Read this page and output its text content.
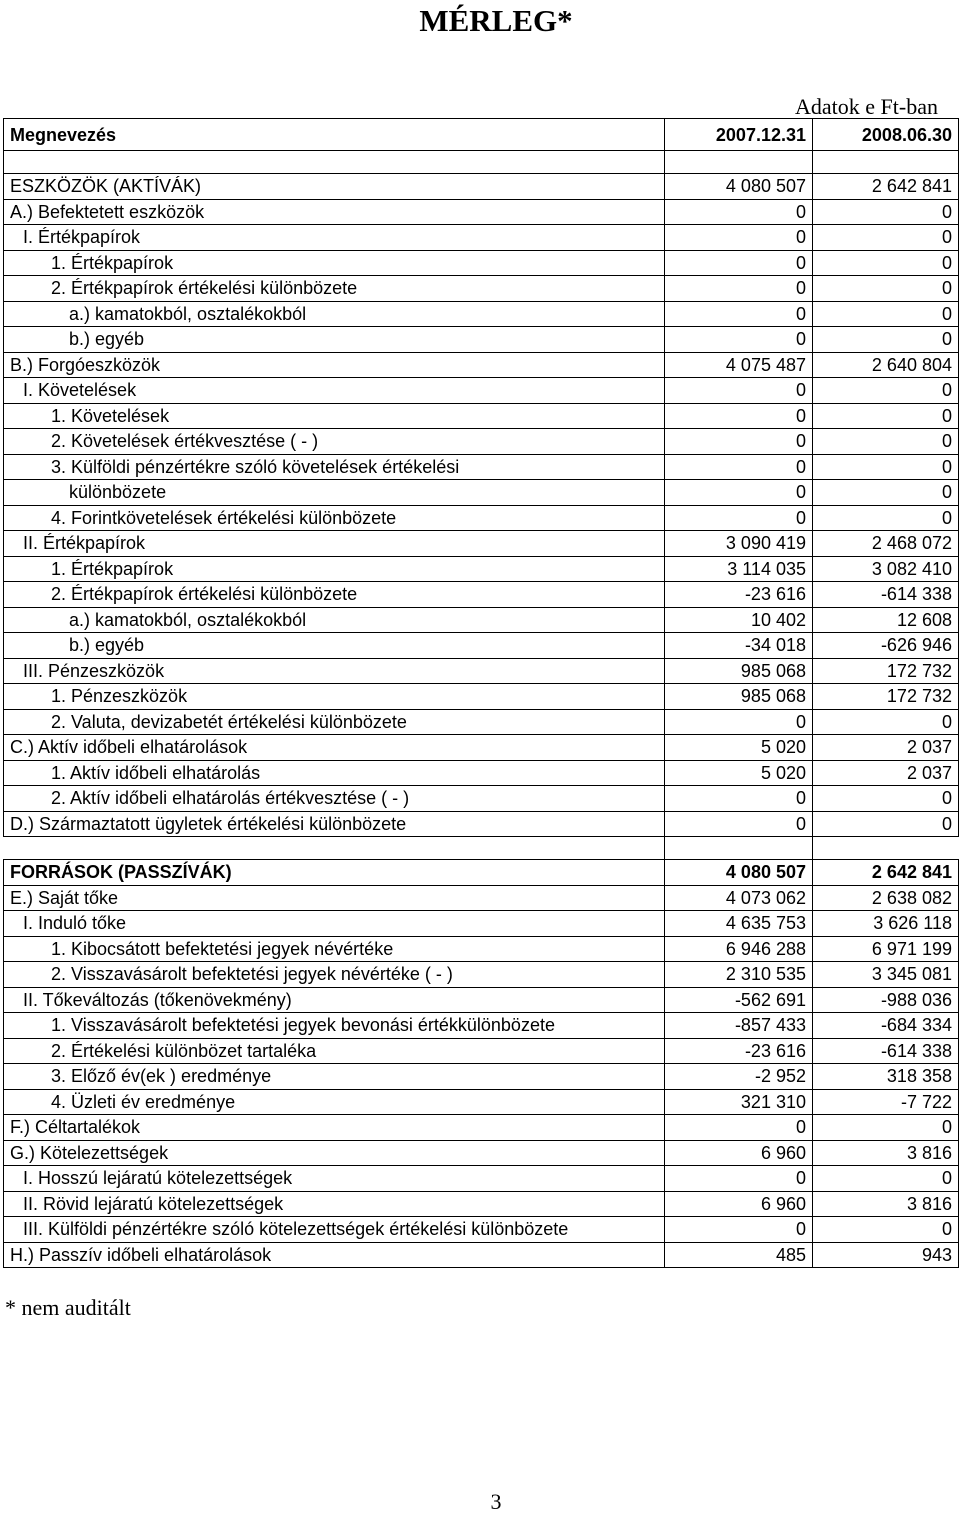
MÉRLEG*
Adatok e Ft-ban
Megnevezés	2007.12.31	2008.06.30

ESZKÖZÖK (AKTÍVÁK)	4 080 507	2 642 841
A.) Befektetett eszközök	0	0
I. Értékpapírok	0	0
1. Értékpapírok	0	0
2. Értékpapírok értékelési különbözete	0	0
a.) kamatokból, osztalékokból	0	0
b.) egyéb	0	0
B.) Forgóeszközök	4 075 487	2 640 804
I. Követelések	0	0
1. Követelések	0	0
2. Követelések értékvesztése ( - )	0	0
3. Külföldi pénzértékre szóló követelések értékelési	0	0
különbözete	0	0
4. Forintkövetelések értékelési különbözete	0	0
II. Értékpapírok	3 090 419	2 468 072
1. Értékpapírok	3 114 035	3 082 410
2. Értékpapírok értékelési különbözete	-23 616	-614 338
a.) kamatokból, osztalékokból	10 402	12 608
b.) egyéb	-34 018	-626 946
III. Pénzeszközök	985 068	172 732
1. Pénzeszközök	985 068	172 732
2. Valuta, devizabetét értékelési különbözete	0	0
C.) Aktív időbeli elhatárolások	5 020	2 037
1. Aktív időbeli elhatárolás	5 020	2 037
2. Aktív időbeli elhatárolás értékvesztése ( - )	0	0
D.) Származtatott ügyletek értékelési különbözete	0	0

FORRÁSOK (PASSZÍVÁK)	4 080 507	2 642 841
E.) Saját tőke	4 073 062	2 638 082
I. Induló tőke	4 635 753	3 626 118
1. Kibocsátott befektetési jegyek névértéke	6 946 288	6 971 199
2. Visszavásárolt befektetési jegyek névértéke ( - )	2 310 535	3 345 081
II. Tőkeváltozás (tőkenövekmény)	-562 691	-988 036
1. Visszavásárolt befektetési jegyek bevonási értékkülönbözete	-857 433	-684 334
2. Értékelési különbözet tartaléka	-23 616	-614 338
3. Előző év(ek ) eredménye	-2 952	318 358
4. Üzleti év eredménye	321 310	-7 722
F.) Céltartalékok	0	0
G.) Kötelezettségek	6 960	3 816
I. Hosszú lejáratú kötelezettségek	0	0
II. Rövid lejáratú kötelezettségek	6 960	3 816
III. Külföldi pénzértékre szóló kötelezettségek értékelési különbözete	0	0
H.) Passzív időbeli elhatárolások	485	943
* nem auditált
3
